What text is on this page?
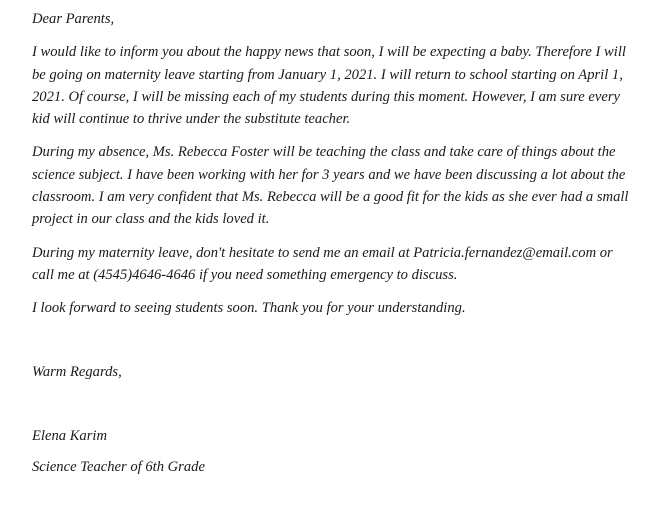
Dear Parents,

I would like to inform you about the happy news that soon, I will be expecting a baby. Therefore I will be going on maternity leave starting from January 1, 2021. I will return to school starting on April 1, 2021. Of course, I will be missing each of my students during this moment. However, I am sure every kid will continue to thrive under the substitute teacher.

During my absence, Ms. Rebecca Foster will be teaching the class and take care of things about the science subject. I have been working with her for 3 years and we have been discussing a lot about the classroom. I am very confident that Ms. Rebecca will be a good fit for the kids as she ever had a small project in our class and the kids loved it.

During my maternity leave, don't hesitate to send me an email at Patricia.fernandez@email.com or call me at (4545)4646-4646 if you need something emergency to discuss.

I look forward to seeing students soon. Thank you for your understanding.

Warm Regards,

Elena Karim

Science Teacher of 6th Grade
